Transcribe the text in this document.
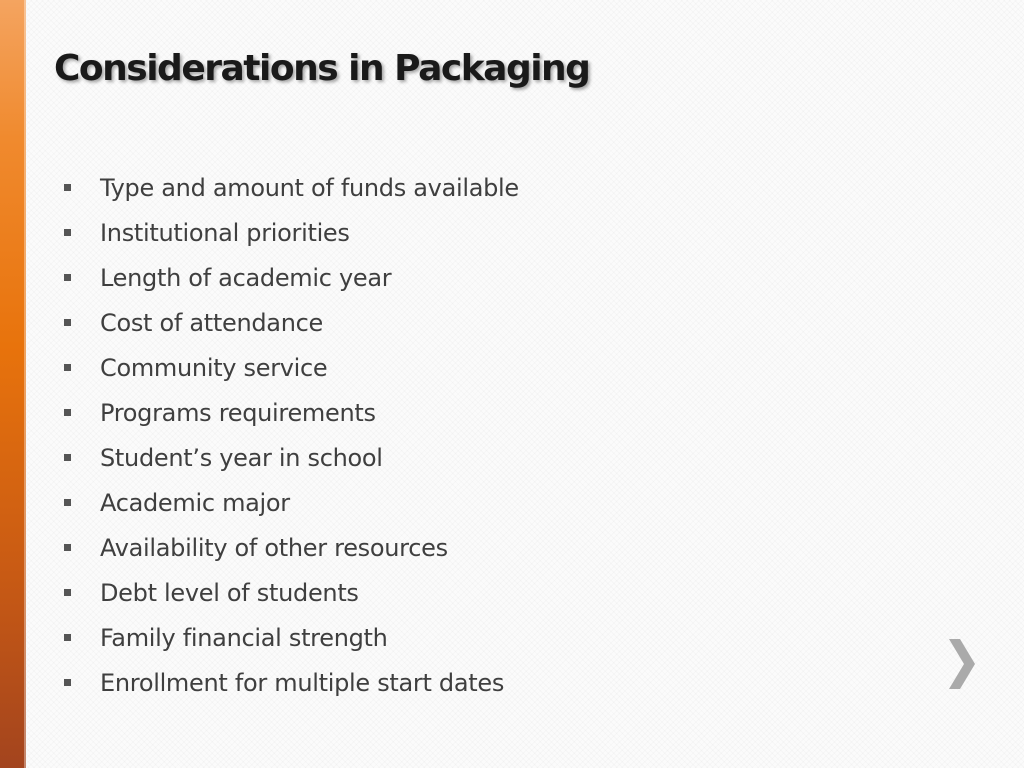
Considerations in Packaging
Type and amount of funds available
Institutional priorities
Length of academic year
Cost of attendance
Community service
Programs requirements
Student’s year in school
Academic major
Availability of other resources
Debt level of students
Family financial strength
Enrollment for multiple start dates
